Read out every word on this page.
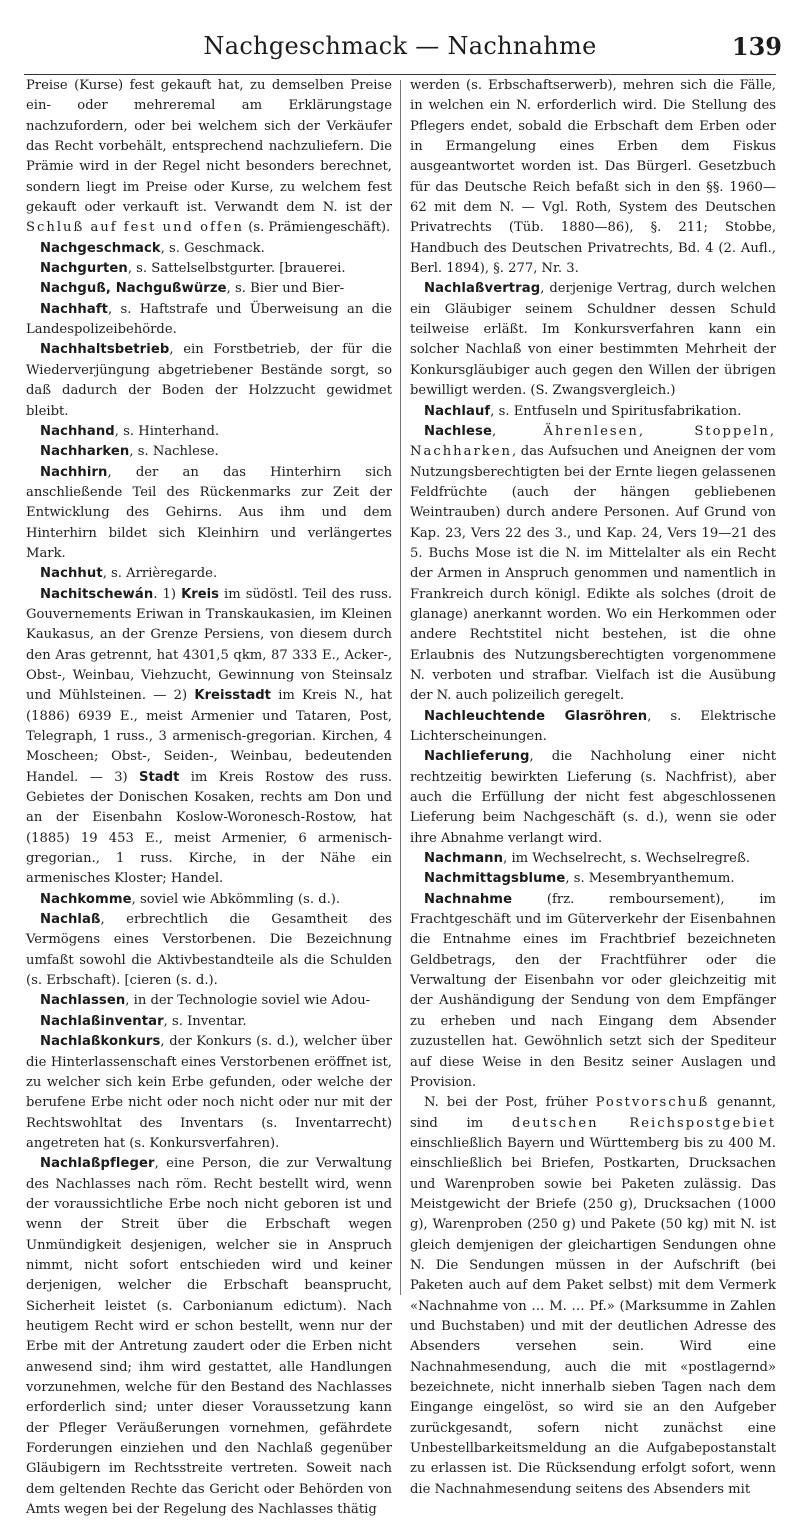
Nachgeschmack — Nachnahme	139

Preise (Kurse) fest gekauft hat, zu demselben Preise ein- oder mehreremal am Erklärungstage nachzufordern, oder bei welchem sich der Verkäufer das Recht vorbehält, entsprechend nachzuliefern. Die Prämie wird in der Regel nicht besonders berechnet, sondern liegt im Preise oder Kurse, zu welchem fest gekauft oder verkauft ist. Verwandt dem N. ist der Schluß auf fest und offen (s. Prämiengeschäft).

Nachgeschmack, s. Geschmack.

Nachgurten, s. Sattelselbstgurter. [brauerei.

Nachguß, Nachgußwürze, s. Bier und Bier-

Nachhaft, s. Haftstrafe und Überweisung an die Landespolizeibehörde.

Nachhaltsbetrieb, ein Forstbetrieb, der für die Wiederverjüngung abgetriebener Bestände sorgt, so daß dadurch der Boden der Holzzucht gewidmet bleibt.

Nachhand, s. Hinterhand.

Nachharken, s. Nachlese.

Nachhirn, der an das Hinterhirn sich anschließende Teil des Rückenmarks zur Zeit der Entwicklung des Gehirns. Aus ihm und dem Hinterhirn bildet sich Kleinhirn und verlängertes Mark.

Nachhut, s. Arrièregarde.

Nachitschewán. 1) Kreis im südöstl. Teil des russ. Gouvernements Eriwan in Transkaukasien, im Kleinen Kaukasus, an der Grenze Persiens, von diesem durch den Aras getrennt, hat 4301,5 qkm, 87 333 E., Acker-, Obst-, Weinbau, Viehzucht, Gewinnung von Steinsalz und Mühlsteinen. — 2) Kreisstadt im Kreis N., hat (1886) 6939 E., meist Armenier und Tataren, Post, Telegraph, 1 russ., 3 armenisch-gregorian. Kirchen, 4 Moscheen; Obst-, Seiden-, Weinbau, bedeutenden Handel. — 3) Stadt im Kreis Rostow des russ. Gebietes der Donischen Kosaken, rechts am Don und an der Eisenbahn Koslow-Woronesch-Rostow, hat (1885) 19 453 E., meist Armenier, 6 armenisch-gregorian., 1 russ. Kirche, in der Nähe ein armenisches Kloster; Handel.

Nachkomme, soviel wie Abkömmling (s. d.).

Nachlaß, erbrechtlich die Gesamtheit des Vermögens eines Verstorbenen. Die Bezeichnung umfaßt sowohl die Aktivbestandteile als die Schulden (s. Erbschaft). [cieren (s. d.).

Nachlassen, in der Technologie soviel wie Adou-

Nachlaßinventar, s. Inventar.

Nachlaßkonkurs, der Konkurs (s. d.), welcher über die Hinterlassenschaft eines Verstorbenen eröffnet ist, zu welcher sich kein Erbe gefunden, oder welche der berufene Erbe nicht oder noch nicht oder nur mit der Rechtswohltat des Inventars (s. Inventarrecht) angetreten hat (s. Konkursverfahren).

Nachlaßpfleger, eine Person, die zur Verwaltung des Nachlasses nach röm. Recht bestellt wird, wenn der voraussichtliche Erbe noch nicht geboren ist und wenn der Streit über die Erbschaft wegen Unmündigkeit desjenigen, welcher sie in Anspruch nimmt, nicht sofort entschieden wird und keiner derjenigen, welcher die Erbschaft beansprucht, Sicherheit leistet (s. Carbonianum edictum). Nach heutigem Recht wird er schon bestellt, wenn nur der Erbe mit der Antretung zaudert oder die Erben nicht anwesend sind; ihm wird gestattet, alle Handlungen vorzunehmen, welche für den Bestand des Nachlasses erforderlich sind; unter dieser Voraussetzung kann der Pfleger Veräußerungen vornehmen, gefährdete Forderungen einziehen und den Nachlaß gegenüber Gläubigern im Rechtsstreite vertreten. Soweit nach dem geltenden Rechte das Gericht oder Behörden von Amts wegen bei der Regelung des Nachlasses thätig

werden (s. Erbschaftserwerb), mehren sich die Fälle, in welchen ein N. erforderlich wird. Die Stellung des Pflegers endet, sobald die Erbschaft dem Erben oder in Ermangelung eines Erben dem Fiskus ausgeantwortet worden ist. Das Bürgerl. Gesetzbuch für das Deutsche Reich befaßt sich in den §§. 1960—62 mit dem N. — Vgl. Roth, System des Deutschen Privatrechts (Tüb. 1880—86), §. 211; Stobbe, Handbuch des Deutschen Privatrechts, Bd. 4 (2. Aufl., Berl. 1894), §. 277, Nr. 3.

Nachlaßvertrag, derjenige Vertrag, durch welchen ein Gläubiger seinem Schuldner dessen Schuld teilweise erläßt. Im Konkursverfahren kann ein solcher Nachlaß von einer bestimmten Mehrheit der Konkursgläubiger auch gegen den Willen der übrigen bewilligt werden. (S. Zwangsvergleich.)

Nachlauf, s. Entfuseln und Spiritusfabrikation.

Nachlese, Ährenlesen, Stoppeln, Nachharken, das Aufsuchen und Aneignen der vom Nutzungsberechtigten bei der Ernte liegen gelassenen Feldfrüchte (auch der hängen gebliebenen Weintrauben) durch andere Personen. Auf Grund von Kap. 23, Vers 22 des 3., und Kap. 24, Vers 19—21 des 5. Buchs Mose ist die N. im Mittelalter als ein Recht der Armen in Anspruch genommen und namentlich in Frankreich durch königl. Edikte als solches (droit de glanage) anerkannt worden. Wo ein Herkommen oder andere Rechtstitel nicht bestehen, ist die ohne Erlaubnis des Nutzungsberechtigten vorgenommene N. verboten und strafbar. Vielfach ist die Ausübung der N. auch polizeilich geregelt.

Nachleuchtende Glasröhren, s. Elektrische Lichterscheinungen.

Nachlieferung, die Nachholung einer nicht rechtzeitig bewirkten Lieferung (s. Nachfrist), aber auch die Erfüllung der nicht fest abgeschlossenen Lieferung beim Nachgeschäft (s. d.), wenn sie oder ihre Abnahme verlangt wird.

Nachmann, im Wechselrecht, s. Wechselregreß.

Nachmittagsblume, s. Mesembryanthemum.

Nachnahme (frz. remboursement), im Frachtgeschäft und im Güterverkehr der Eisenbahnen die Entnahme eines im Frachtbrief bezeichneten Geldbetrags, den der Frachtführer oder die Verwaltung der Eisenbahn vor oder gleichzeitig mit der Aushändigung der Sendung von dem Empfänger zu erheben und nach Eingang dem Absender zuzustellen hat. Gewöhnlich setzt sich der Spediteur auf diese Weise in den Besitz seiner Auslagen und Provision.

N. bei der Post, früher Postvorschuß genannt, sind im deutschen Reichspostgebiet einschließlich Bayern und Württemberg bis zu 400 M. einschließlich bei Briefen, Postkarten, Drucksachen und Warenproben sowie bei Paketen zulässig. Das Meistgewicht der Briefe (250 g), Drucksachen (1000 g), Warenproben (250 g) und Pakete (50 kg) mit N. ist gleich demjenigen der gleichartigen Sendungen ohne N. Die Sendungen müssen in der Aufschrift (bei Paketen auch auf dem Paket selbst) mit dem Vermerk «Nachnahme von … M. … Pf.» (Marksumme in Zahlen und Buchstaben) und mit der deutlichen Adresse des Absenders versehen sein. Wird eine Nachnahmesendung, auch die mit «postlagernd» bezeichnete, nicht innerhalb sieben Tagen nach dem Eingange eingelöst, so wird sie an den Aufgeber zurückgesandt, sofern nicht zunächst eine Unbestellbarkeitsmeldung an die Aufgabepostanstalt zu erlassen ist. Die Rücksendung erfolgt sofort, wenn die Nachnahmesendung seitens des Absenders mit
